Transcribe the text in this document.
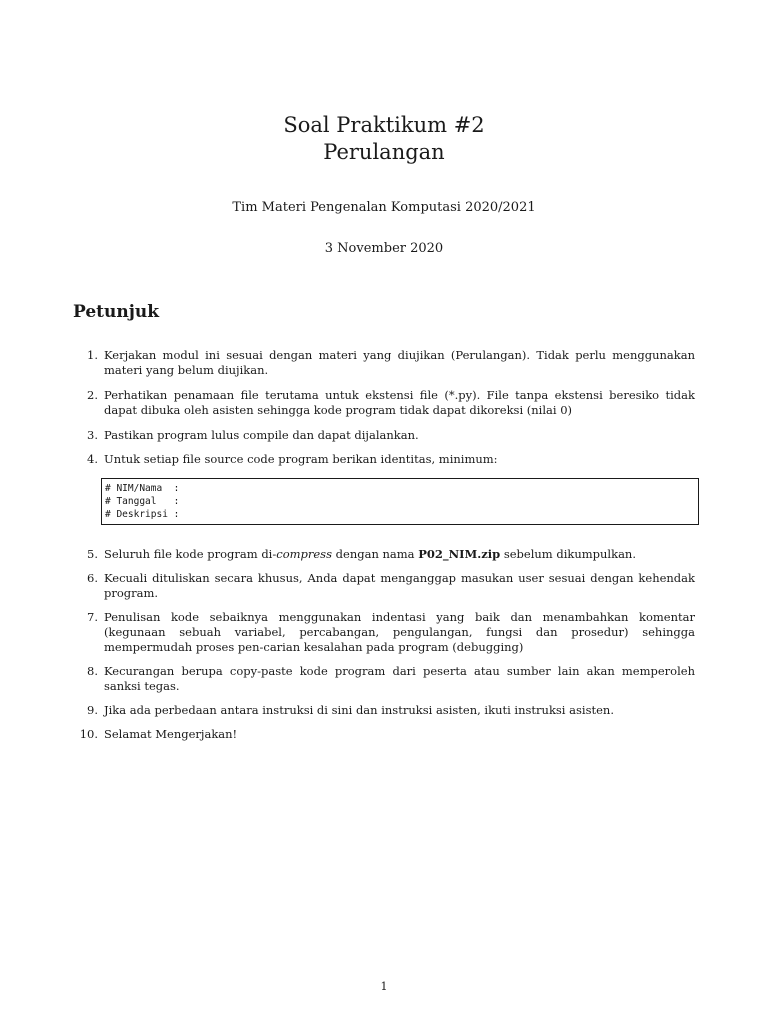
Soal Praktikum #2
Perulangan
Tim Materi Pengenalan Komputasi 2020/2021
3 November 2020
Petunjuk
1. Kerjakan modul ini sesuai dengan materi yang diujikan (Perulangan). Tidak perlu menggunakan materi yang belum diujikan.
2. Perhatikan penamaan file terutama untuk ekstensi file (*.py). File tanpa ekstensi beresiko tidak dapat dibuka oleh asisten sehingga kode program tidak dapat dikoreksi (nilai 0)
3. Pastikan program lulus compile dan dapat dijalankan.
4. Untuk setiap file source code program berikan identitas, minimum:
# NIM/Nama  :
# Tanggal   :
# Deskripsi :
5. Seluruh file kode program di-compress dengan nama P02_NIM.zip sebelum dikumpulkan.
6. Kecuali dituliskan secara khusus, Anda dapat menganggap masukan user sesuai dengan kehendak program.
7. Penulisan kode sebaiknya menggunakan indentasi yang baik dan menambahkan komentar (kegunaan sebuah variabel, percabangan, pengulangan, fungsi dan prosedur) sehingga mempermudah proses pen-carian kesalahan pada program (debugging)
8. Kecurangan berupa copy-paste kode program dari peserta atau sumber lain akan memperoleh sanksi tegas.
9. Jika ada perbedaan antara instruksi di sini dan instruksi asisten, ikuti instruksi asisten.
10. Selamat Mengerjakan!
1
